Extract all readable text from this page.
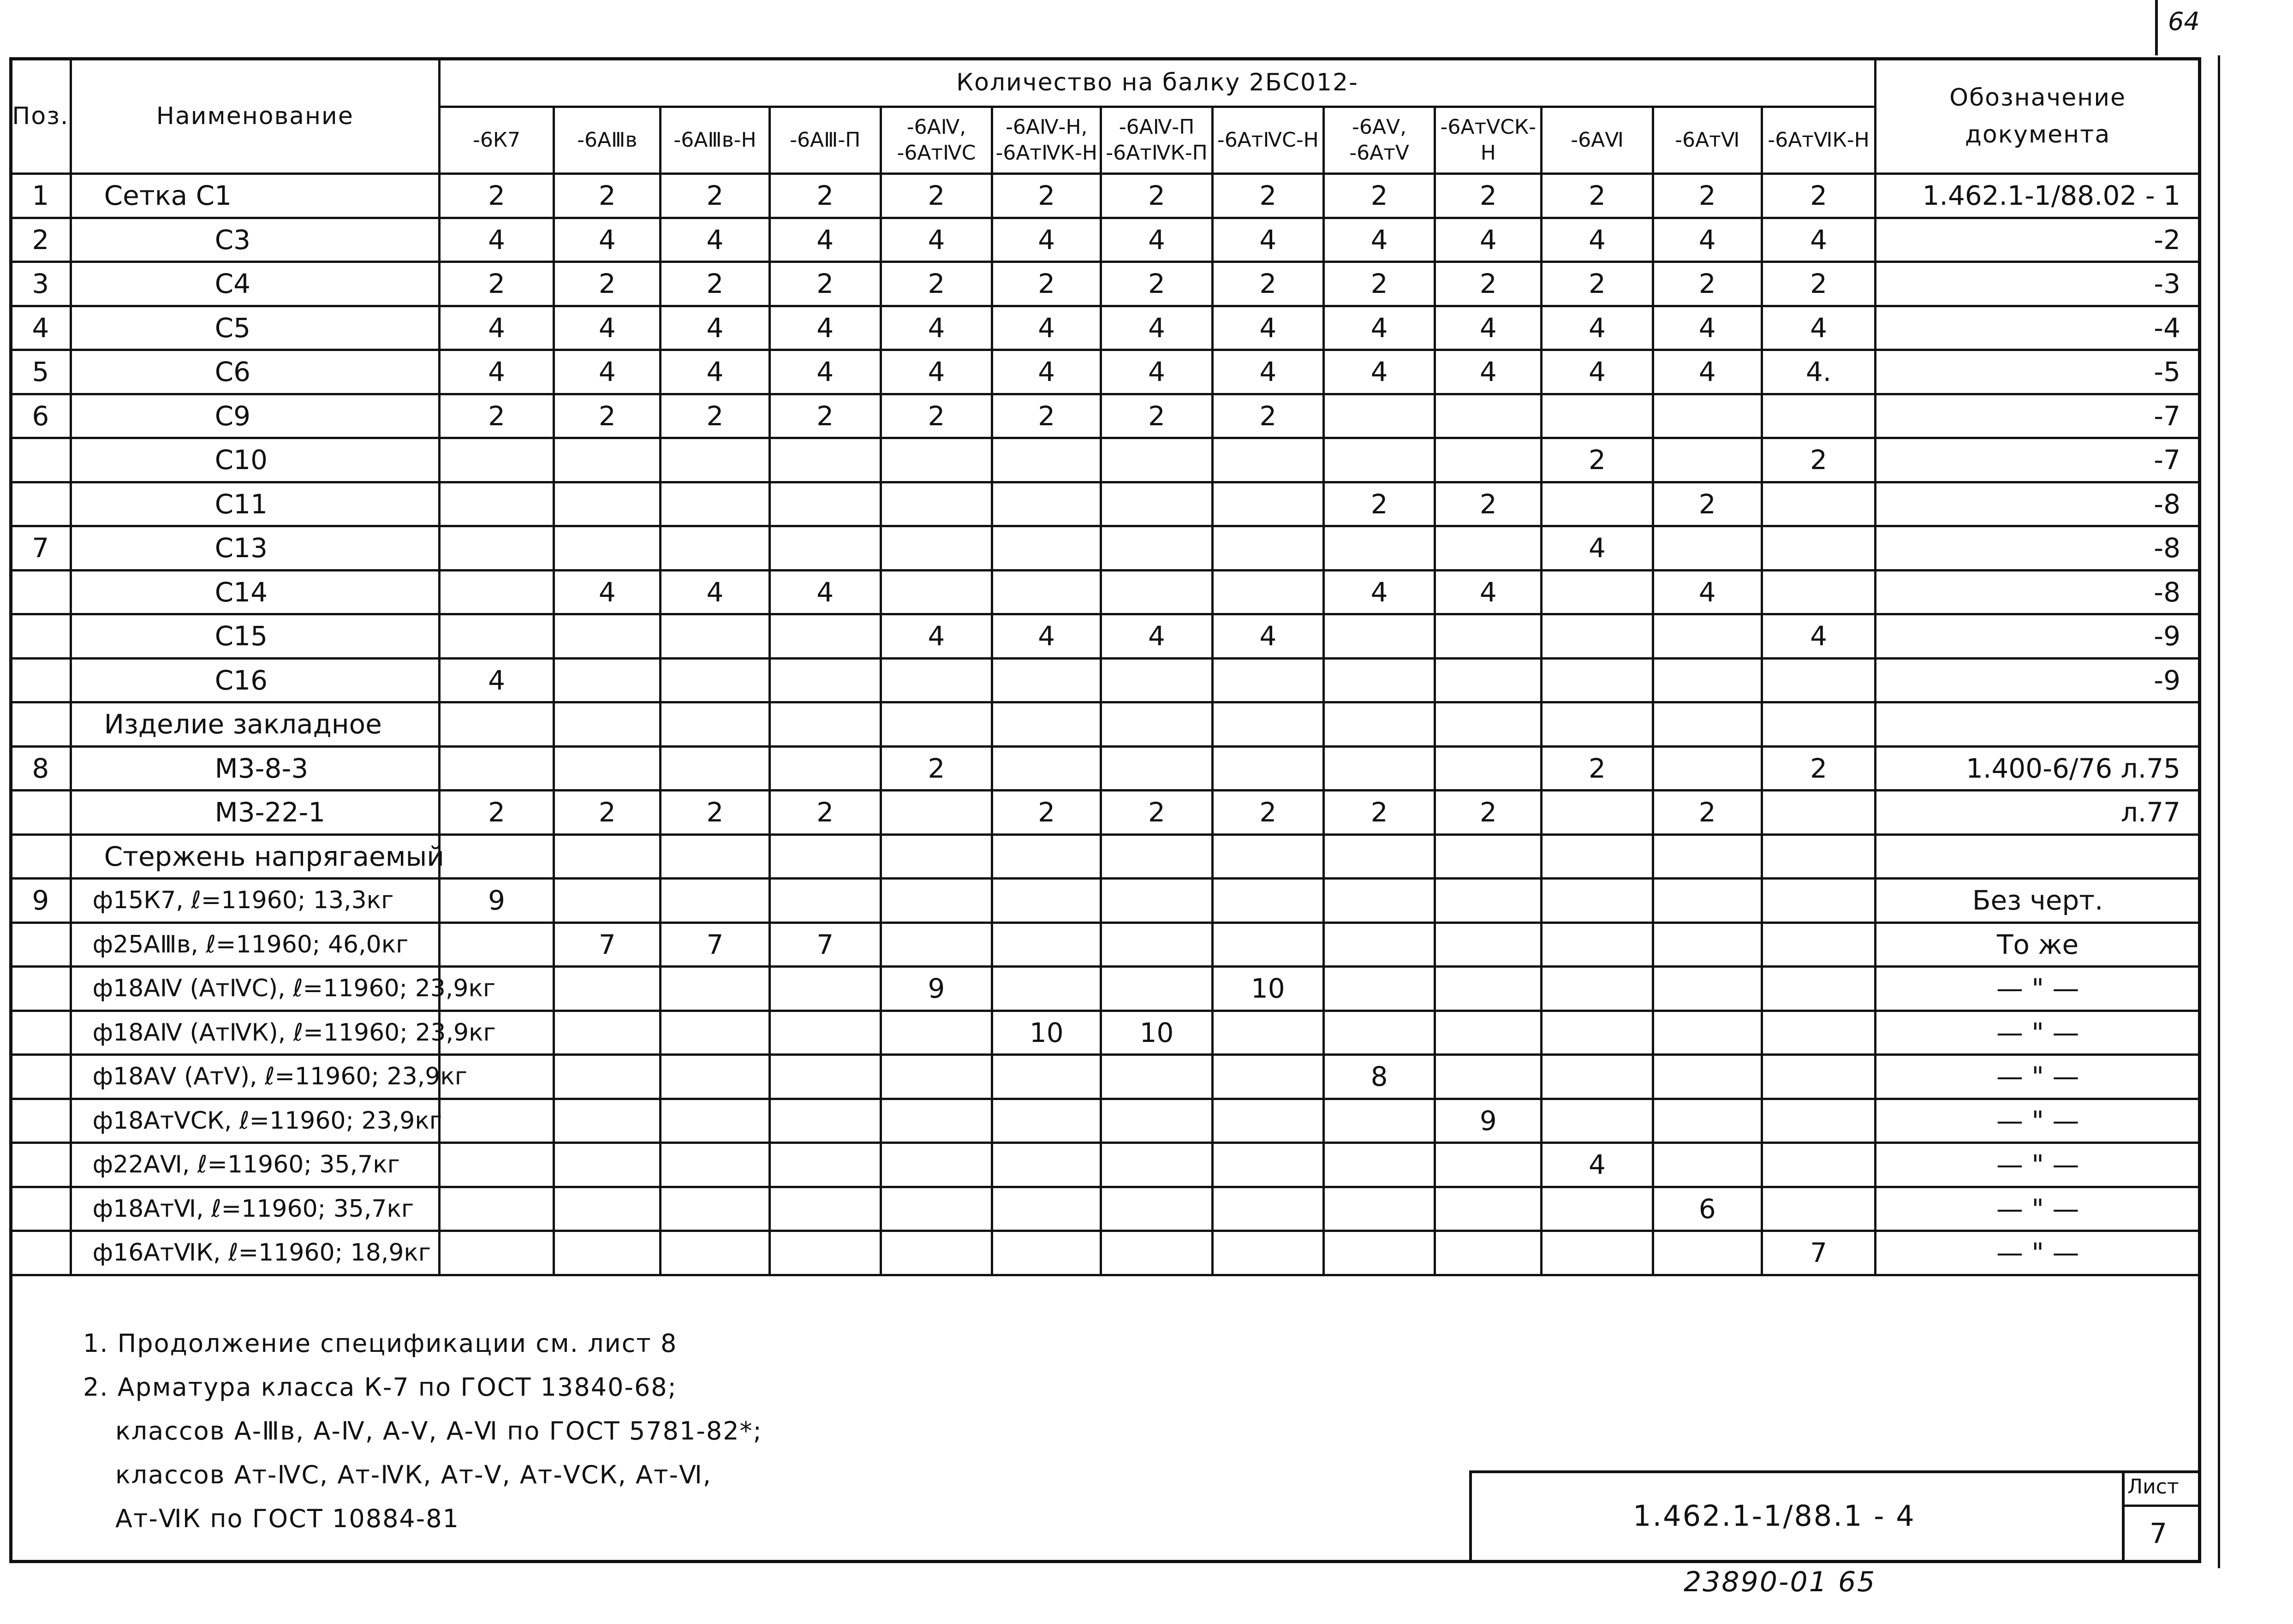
64
Поз.	Наименование	Количество на балку 2БС012-													Обозначение документа
		-6К7	-6АⅢв	-6АⅢв-Н	-6АⅢ-П	-6АⅣ, -6АтⅣС	-6АⅣ-Н, -6АтⅣК-Н	-6АⅣ-П -6АтⅣК-П	-6АтⅣС-Н	-6АⅤ, -6АтⅤ	-6АтⅤСК-Н	-6АⅥ	-6АтⅥ	-6АтⅥК-Н	
1	Сетка С1	2	2	2	2	2	2	2	2	2	2	2	2	2	1.462.1-1/88.02 - 1
2	С3	4	4	4	4	4	4	4	4	4	4	4	4	4	-2
3	С4	2	2	2	2	2	2	2	2	2	2	2	2	2	-3
4	С5	4	4	4	4	4	4	4	4	4	4	4	4	4	-4
5	С6	4	4	4	4	4	4	4	4	4	4	4	4	4.	-5
6	С9	2	2	2	2	2	2	2	2						-7
	С10											2		2	-7
	С11									2	2		2		-8
7	С13											4			-8
	С14		4	4	4					4	4		4		-8
	С15					4	4	4	4					4	-9
	С16	4													-9
	Изделие закладное														
8	М3-8-3					2						2		2	1.400-6/76 л.75
	М3-22-1	2	2	2	2		2	2	2	2	2		2		л.77
	Стержень напрягаемый														
9	ф15К7, ℓ=11960; 13,3кг	9													Без черт.
	ф25АⅢв, ℓ=11960; 46,0кг		7	7	7										То же
	ф18АⅣ (АтⅣС), ℓ=11960; 23,9кг					9			10						— " —
	ф18АⅣ (АтⅣК), ℓ=11960; 23,9кг						10	10							— " —
	ф18АⅤ (АтⅤ), ℓ=11960; 23,9кг									8					— " —
	ф18АтⅤСК, ℓ=11960; 23,9кг										9				— " —
	ф22АⅥ, ℓ=11960; 35,7кг											4			— " —
	ф18АтⅥ, ℓ=11960; 35,7кг												6		— " —
	ф16АтⅥК, ℓ=11960; 18,9кг													7	— " —
1. Продолжение спецификации см. лист 8
2. Арматура класса К-7 по ГОСТ 13840-68;
классов А-Ⅲв, А-Ⅳ, А-Ⅴ, А-Ⅵ по ГОСТ 5781-82*;
классов Ат-ⅣС, Ат-ⅣК, Ат-Ⅴ, Ат-ⅤСК, Ат-Ⅵ,
Ат-ⅥК по ГОСТ 10884-81	1.462.1-1/88.1 - 4
Лист
7
23890-01 65
